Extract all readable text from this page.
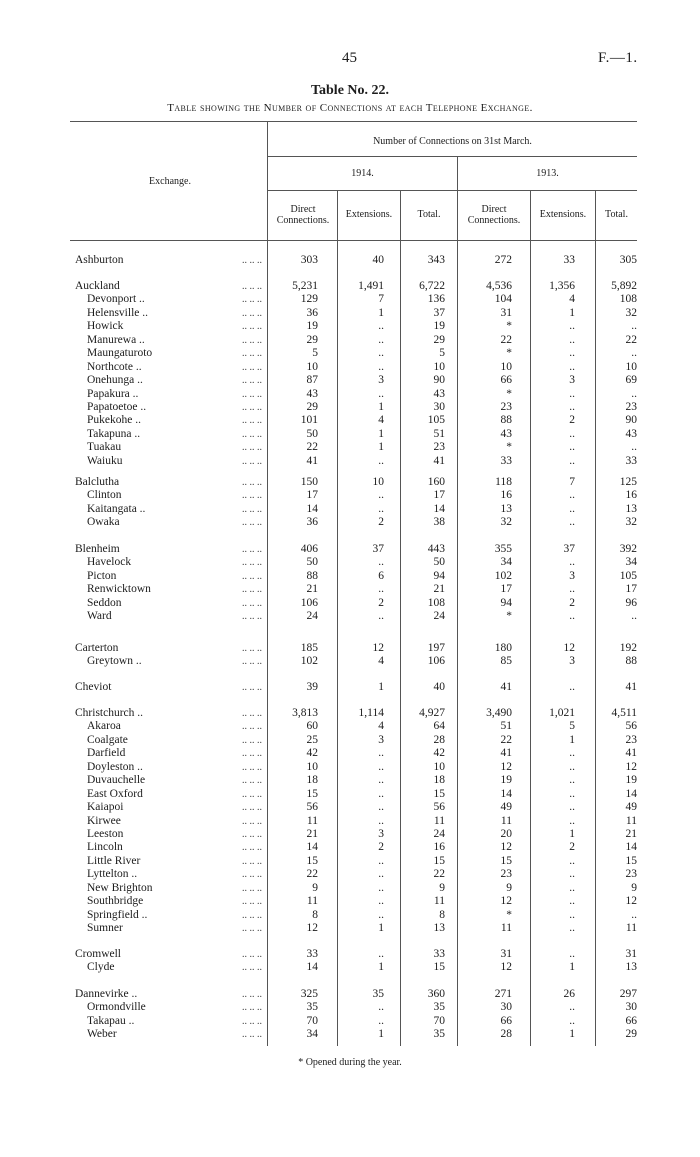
45	F.—1.
Table No. 22.
Table showing the Number of Connections at each Telephone Exchange.
Exchange.
Number of Connections on 31st March.
1914.	1913.
Direct Connections.
Extensions.	Total.	Direct Connections.
Extensions.	Total.
Ashburton	.. .. ..	303	40	343	272	33	305
Auckland	.. .. ..	5,231	1,491	6,722	4,536	1,356	5,892
Devonport ..	.. .. ..	129	7	136	104	4	108
Helensville ..	.. .. ..	36	1	37	31	1	32
Howick	.. .. ..	19	..	19	*	..	..
Manurewa ..	.. .. ..	29	..	29	22	..	22
Maungaturoto	.. .. ..	5	..	5	*	..	..
Northcote ..	.. .. ..	10	..	10	10	..	10
Onehunga ..	.. .. ..	87	3	90	66	3	69
Papakura ..	.. .. ..	43	..	43	*	..	..
Papatoetoe ..	.. .. ..	29	1	30	23	..	23
Pukekohe ..	.. .. ..	101	4	105	88	2	90
Takapuna ..	.. .. ..	50	1	51	43	..	43
Tuakau	.. .. ..	22	1	23	*	..	..
Waiuku	.. .. ..	41	..	41	33	..	33
Balclutha	.. .. ..	150	10	160	118	7	125
Clinton	.. .. ..	17	..	17	16	..	16
Kaitangata ..	.. .. ..	14	..	14	13	..	13
Owaka	.. .. ..	36	2	38	32	..	32
Blenheim	.. .. ..	406	37	443	355	37	392
Havelock	.. .. ..	50	..	50	34	..	34
Picton	.. .. ..	88	6	94	102	3	105
Renwicktown	.. .. ..	21	..	21	17	..	17
Seddon	.. .. ..	106	2	108	94	2	96
Ward	.. .. ..	24	..	24	*	..	..
Carterton	.. .. ..	185	12	197	180	12	192
Greytown ..	.. .. ..	102	4	106	85	3	88
Cheviot	.. .. ..	39	1	40	41	..	41
Christchurch ..	.. .. ..	3,813	1,114	4,927	3,490	1,021	4,511
Akaroa	.. .. ..	60	4	64	51	5	56
Coalgate	.. .. ..	25	3	28	22	1	23
Darfield	.. .. ..	42	..	42	41	..	41
Doyleston ..	.. .. ..	10	..	10	12	..	12
Duvauchelle	.. .. ..	18	..	18	19	..	19
East Oxford	.. .. ..	15	..	15	14	..	14
Kaiapoi	.. .. ..	56	..	56	49	..	49
Kirwee	.. .. ..	11	..	11	11	..	11
Leeston	.. .. ..	21	3	24	20	1	21
Lincoln	.. .. ..	14	2	16	12	2	14
Little River	.. .. ..	15	..	15	15	..	15
Lyttelton ..	.. .. ..	22	..	22	23	..	23
New Brighton	.. .. ..	9	..	9	9	..	9
Southbridge	.. .. ..	11	..	11	12	..	12
Springfield ..	.. .. ..	8	..	8	*	..	..
Sumner	.. .. ..	12	1	13	11	..	11
Cromwell	.. .. ..	33	..	33	31	..	31
Clyde	.. .. ..	14	1	15	12	1	13
Dannevirke ..	.. .. ..	325	35	360	271	26	297
Ormondville	.. .. ..	35	..	35	30	..	30
Takapau ..	.. .. ..	70	..	70	66	..	66
Weber	.. .. ..	34	1	35	28	1	29
* Opened during the year.
